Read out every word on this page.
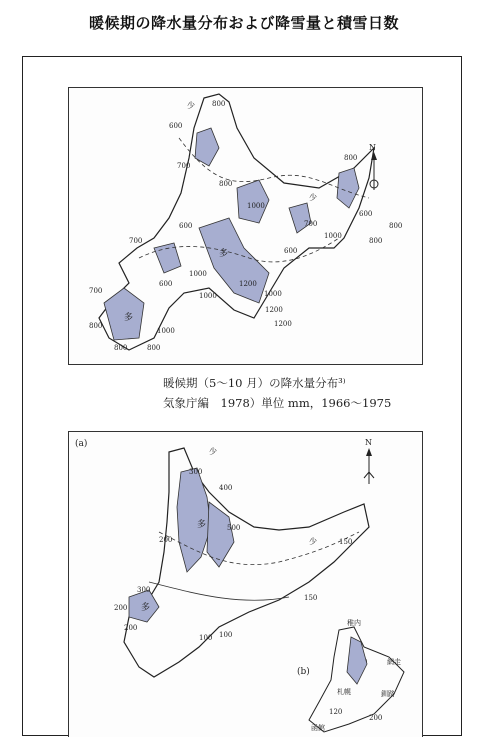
暖候期の降水量分布および降雪量と積雪日数
N
800
600
700
800
600
1000
800
600
700
600
800
1000
700
1000
1200
1000
1200
1000
800
700
1000
800
800
800
600
1200
多
多
少
少
暖候期（5〜10 月）の降水量分布³⁾
気象庁編　1978）単位 mm，1966〜1975
(a)	N
300
400
500
200	150
200
100
300
200
150
100
120
200
多
多
少
少
(b)
稚内
網走
札幌	釧路
函館
